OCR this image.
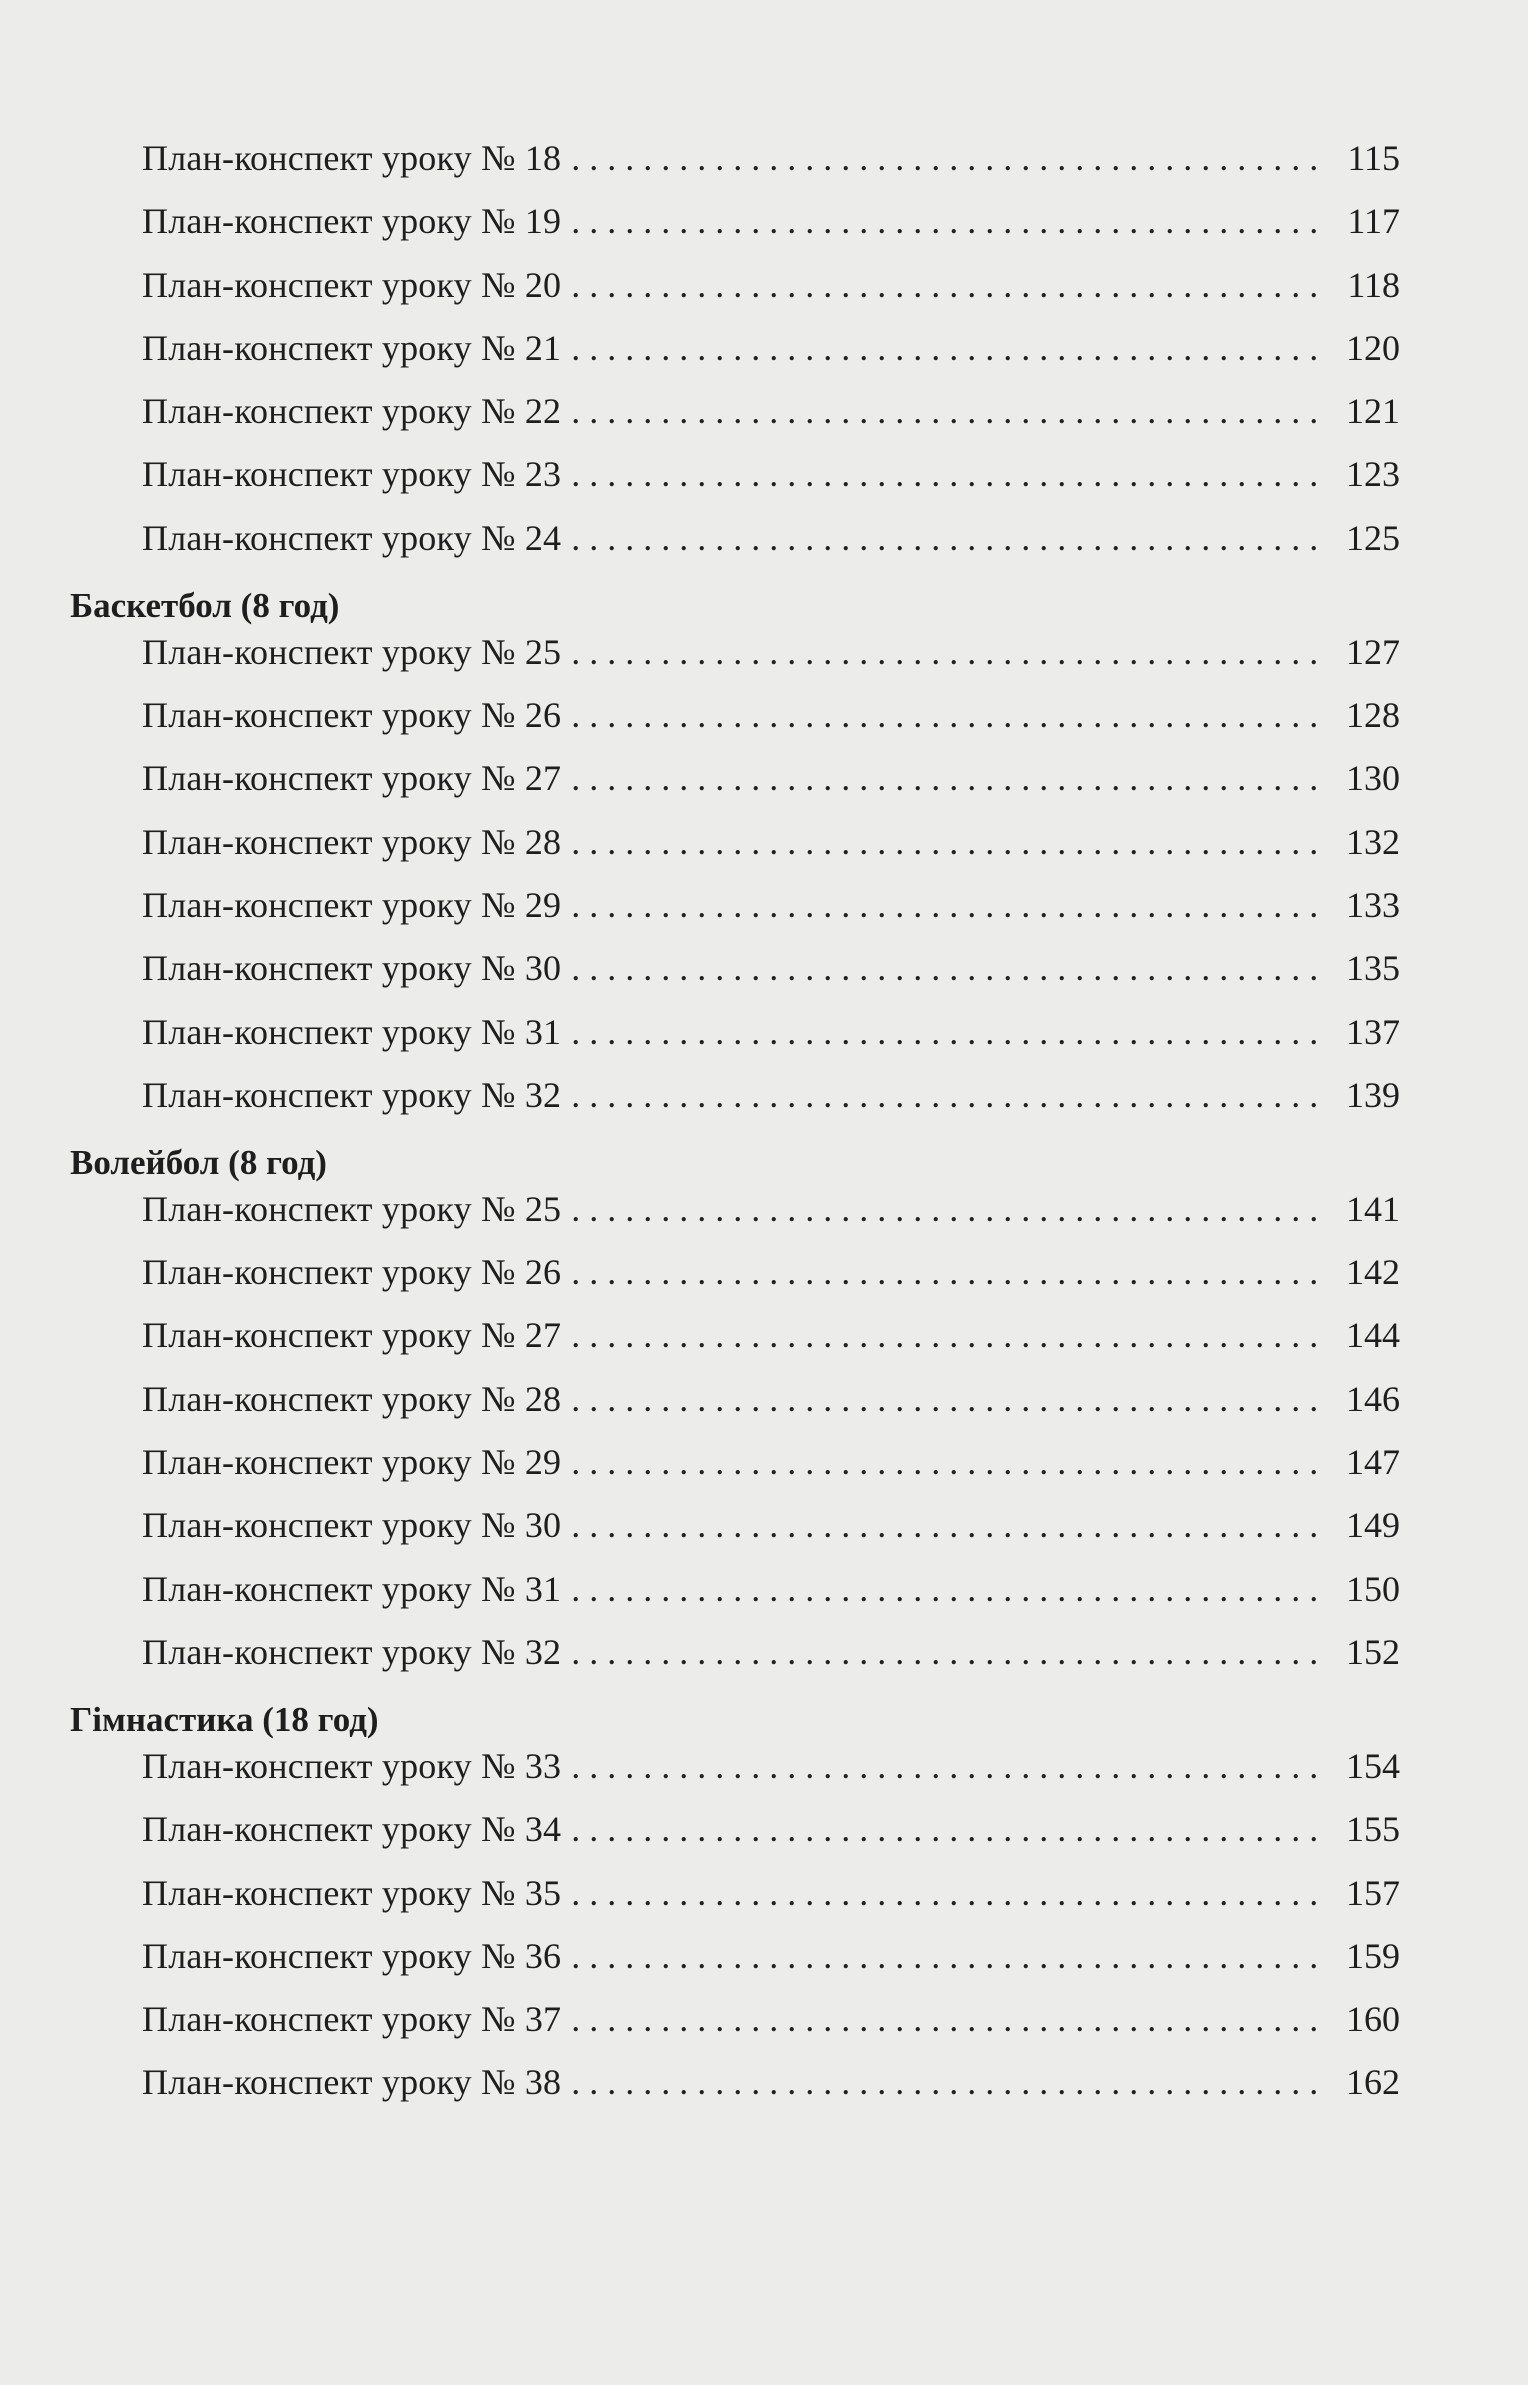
План-конспект уроку № 18 . . .	115
План-конспект уроку № 19 . . .	117
План-конспект уроку № 20 . . .	118
План-конспект уроку № 21 . . .	120
План-конспект уроку № 22 . . .	121
План-конспект уроку № 23 . . .	123
План-конспект уроку № 24 . . .	125
Баскетбол (8 год)
План-конспект уроку № 25 . . .	127
План-конспект уроку № 26 . . .	128
План-конспект уроку № 27 . . .	130
План-конспект уроку № 28 . . .	132
План-конспект уроку № 29 . . .	133
План-конспект уроку № 30 . . .	135
План-конспект уроку № 31 . . .	137
План-конспект уроку № 32 . . .	139
Волейбол (8 год)
План-конспект уроку № 25 . . .	141
План-конспект уроку № 26 . . .	142
План-конспект уроку № 27 . . .	144
План-конспект уроку № 28 . . .	146
План-конспект уроку № 29 . . .	147
План-конспект уроку № 30 . . .	149
План-конспект уроку № 31 . . .	150
План-конспект уроку № 32 . . .	152
Гімнастика (18 год)
План-конспект уроку № 33 . . .	154
План-конспект уроку № 34 . . .	155
План-конспект уроку № 35 . . .	157
План-конспект уроку № 36 . . .	159
План-конспект уроку № 37 . . .	160
План-конспект уроку № 38 . . .	162
